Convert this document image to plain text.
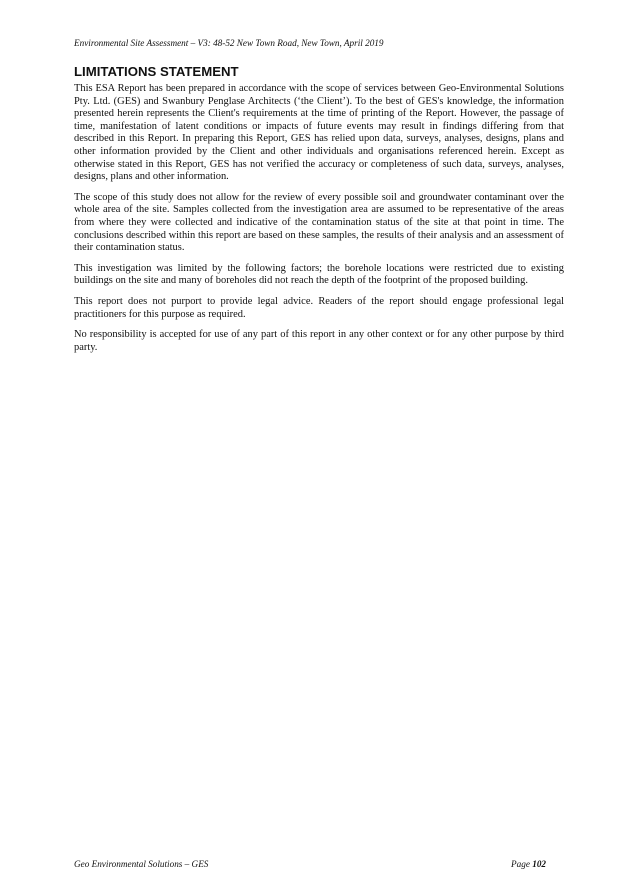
Environmental Site Assessment – V3: 48-52 New Town Road, New Town, April 2019
LIMITATIONS STATEMENT

This ESA Report has been prepared in accordance with the scope of services between Geo-Environmental Solutions Pty. Ltd. (GES) and Swanbury Penglase Architects (‘the Client’). To the best of GES's knowledge, the information presented herein represents the Client's requirements at the time of printing of the Report. However, the passage of time, manifestation of latent conditions or impacts of future events may result in findings differing from that described in this Report. In preparing this Report, GES has relied upon data, surveys, analyses, designs, plans and other information provided by the Client and other individuals and organisations referenced herein. Except as otherwise stated in this Report, GES has not verified the accuracy or completeness of such data, surveys, analyses, designs, plans and other information.

The scope of this study does not allow for the review of every possible soil and groundwater contaminant over the whole area of the site. Samples collected from the investigation area are assumed to be representative of the areas from where they were collected and indicative of the contamination status of the site at that point in time. The conclusions described within this report are based on these samples, the results of their analysis and an assessment of their contamination status.

This investigation was limited by the following factors; the borehole locations were restricted due to existing buildings on the site and many of boreholes did not reach the depth of the footprint of the proposed building.

This report does not purport to provide legal advice. Readers of the report should engage professional legal practitioners for this purpose as required.

No responsibility is accepted for use of any part of this report in any other context or for any other purpose by third party.

Geo Environmental Solutions – GES	Page 102
